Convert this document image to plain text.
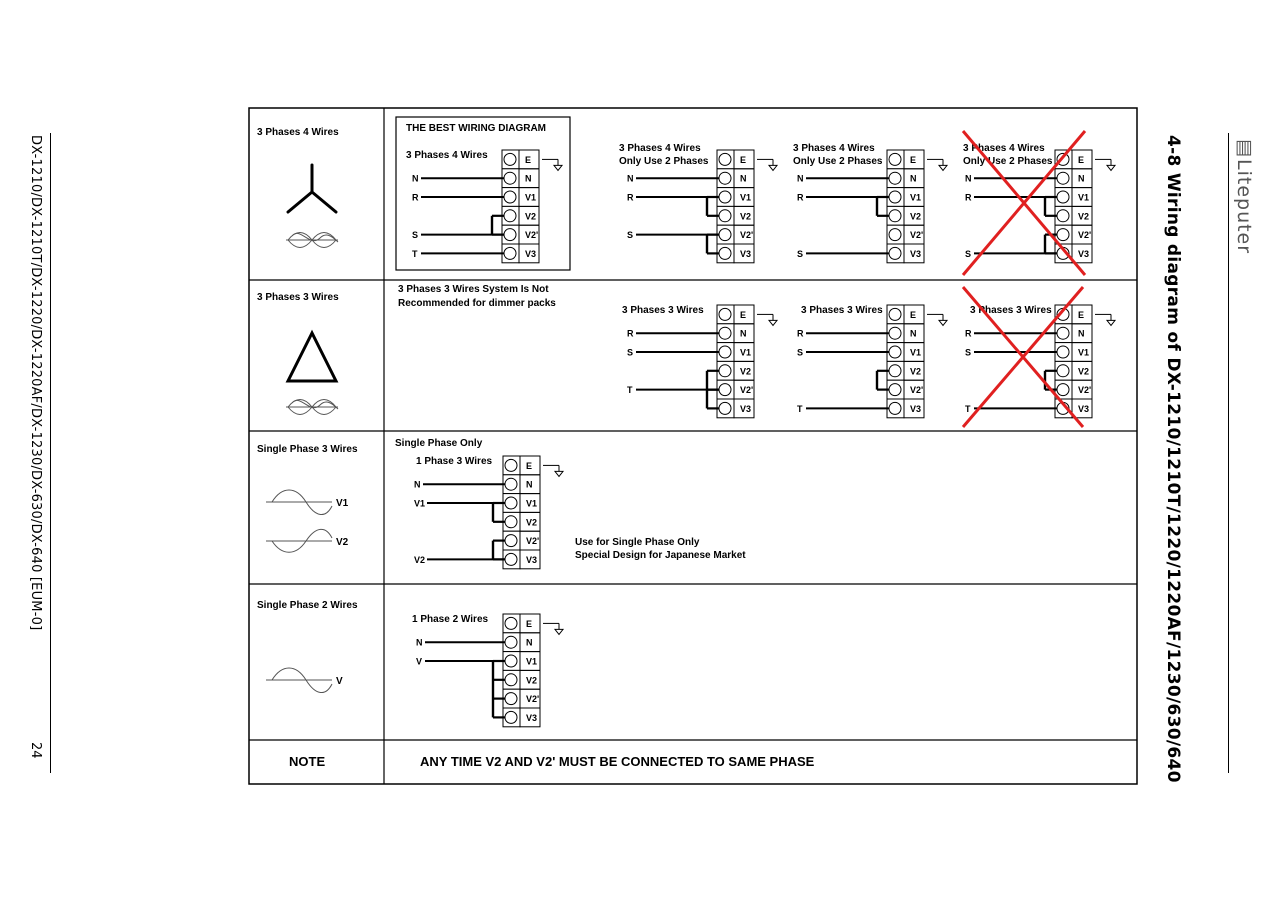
DX-1210/DX-1210T/DX-1220/DX-1220AF/DX-1230/DX-630/DX-640 [EUM-0]
24	4-8 Wiring diagram of DX-1210/1210T/1220/1220AF/1230/630/640	▥Liteputer
3 Phases 4 Wires
3 Phases 3 Wires
Single Phase 3 Wires
Single Phase 2 Wires
NOTE	ANY TIME V2 AND V2' MUST BE CONNECTED TO SAME PHASE
V1
V2
V
THE BEST WIRING DIAGRAM
3 Phases 3 Wires System Is Not
Recommended for dimmer packs
Single Phase Only
Use for Single Phase Only
Special Design for Japanese Market
E
N
V1
V2
V2'
V3
N
R
S
T
3 Phases 4 Wires	E
N
V1
V2
V2'
V3
N
R
S
3 Phases 4 Wires
Only Use 2 Phases	E
N
V1
V2
V2'
V3
N
R
S
3 Phases 4 Wires
Only Use 2 Phases	E
N
V1
V2
V2'
V3
N
R
S
3 Phases 4 Wires
Only Use 2 Phases
E
N
V1
V2
V2'
V3
R
S
T
3 Phases 3 Wires	E
N
V1
V2
V2'
V3
R
S
T
3 Phases 3 Wires	E
N
V1
V2
V2'
V3
R
S
T
3 Phases 3 Wires
E
N
V1
V2
V2'
V3
N
V1
V2
1 Phase 3 Wires
E
N
V1
V2
V2'
V3
N
V
1 Phase 2 Wires
